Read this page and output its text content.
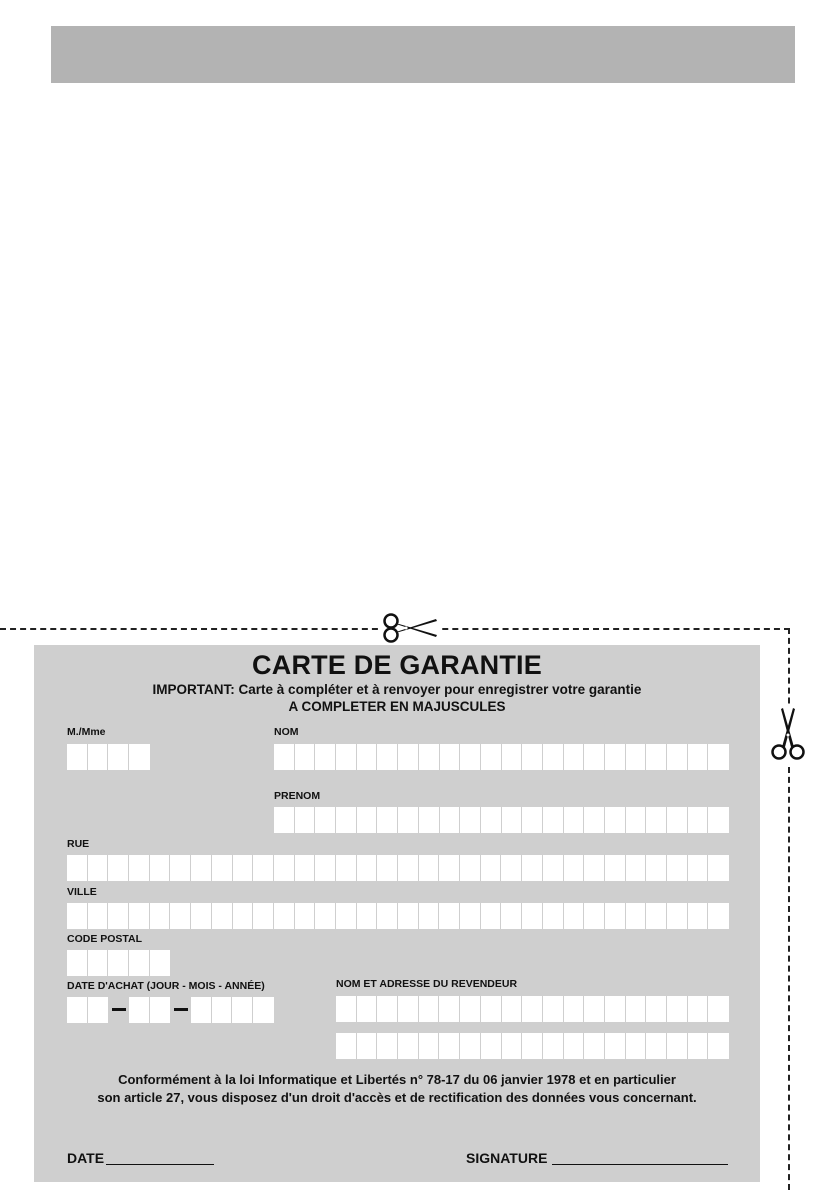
CARTE DE GARANTIE
IMPORTANT: Carte à compléter et à renvoyer pour enregistrer votre garantie
A COMPLETER EN MAJUSCULES
M./Mme	NOM
PRENOM
RUE
VILLE
CODE POSTAL
DATE D'ACHAT (JOUR - MOIS - ANNÉE)	NOM ET ADRESSE DU REVENDEUR
Conformément à la loi Informatique et Libertés n° 78-17 du 06 janvier 1978 et en particulier
son article 27, vous disposez d'un droit d'accès et de rectification des données vous concernant.
DATE	SIGNATURE
